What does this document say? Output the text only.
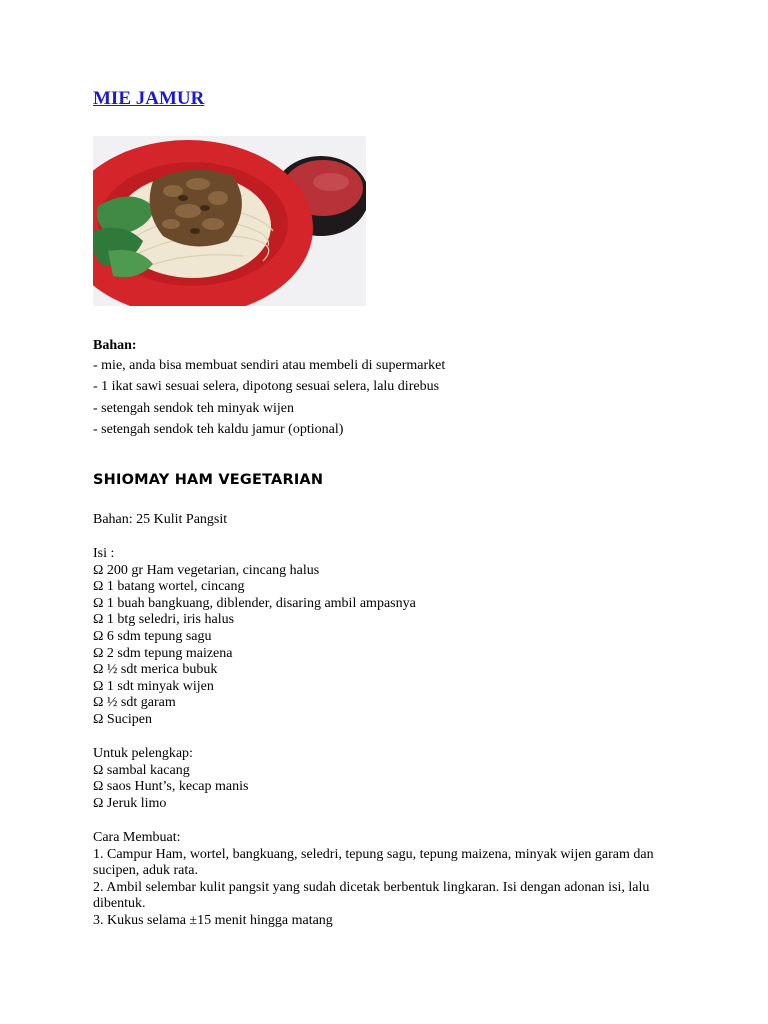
MIE JAMUR
Bahan:
- mie, anda bisa membuat sendiri atau membeli di supermarket
- 1 ikat sawi sesuai selera, dipotong sesuai selera, lalu direbus
- setengah sendok teh minyak wijen
- setengah sendok teh kaldu jamur (optional)
SHIOMAY HAM VEGETARIAN
Bahan: 25 Kulit Pangsit
Isi :
Ω 200 gr Ham vegetarian, cincang halus
Ω 1 batang wortel, cincang
Ω 1 buah bangkuang, diblender, disaring ambil ampasnya
Ω 1 btg seledri, iris halus
Ω 6 sdm tepung sagu
Ω 2 sdm tepung maizena
Ω ½ sdt merica bubuk
Ω 1 sdt minyak wijen
Ω ½ sdt garam
Ω Sucipen
Untuk pelengkap:
Ω sambal kacang
Ω saos Hunt’s, kecap manis
Ω Jeruk limo
Cara Membuat:
1. Campur Ham, wortel, bangkuang, seledri, tepung sagu, tepung maizena, minyak wijen garam dan sucipen, aduk rata.
2. Ambil selembar kulit pangsit yang sudah dicetak berbentuk lingkaran. Isi dengan adonan isi, lalu dibentuk.
3. Kukus selama ±15 menit hingga matang
